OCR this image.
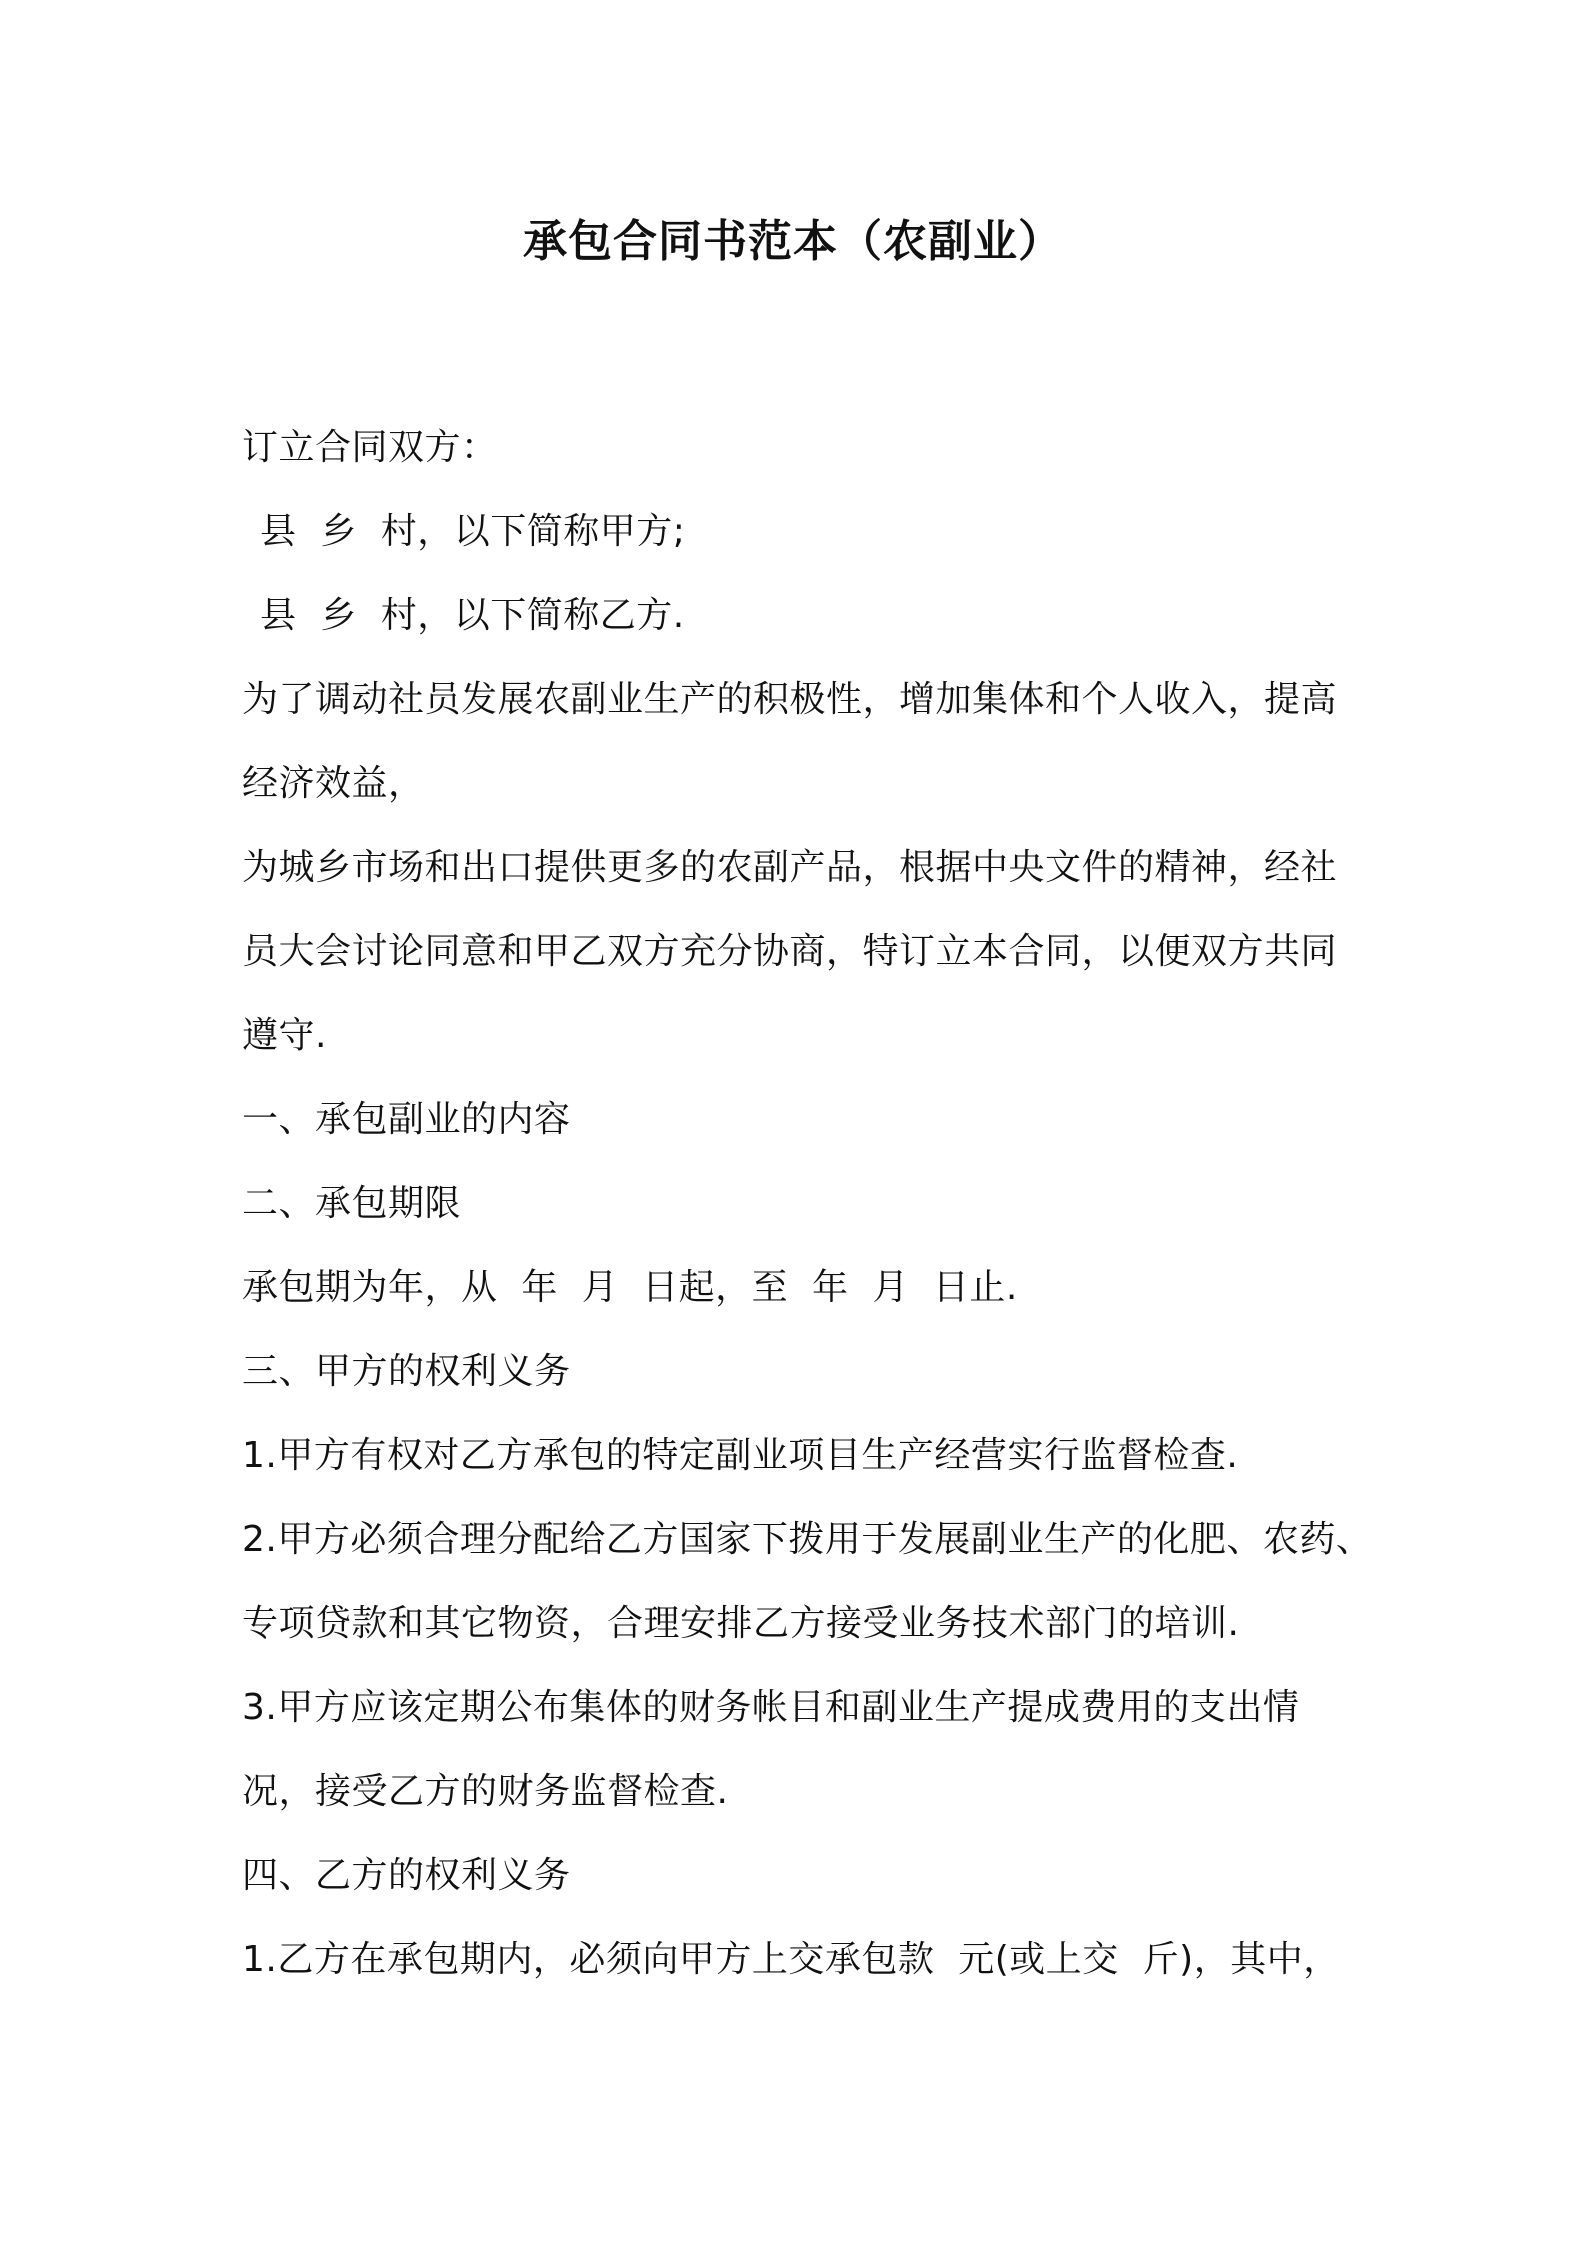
承包合同书范本（农副业）
订立合同双方：
县  乡  村，以下简称甲方;
县  乡  村，以下简称乙方.
为了调动社员发展农副业生产的积极性，增加集体和个人收入，提高
经济效益，
为城乡市场和出口提供更多的农副产品，根据中央文件的精神，经社
员大会讨论同意和甲乙双方充分协商，特订立本合同，以便双方共同
遵守.
一、承包副业的内容
二、承包期限
承包期为年，从  年  月  日起，至  年  月  日止.
三、甲方的权利义务
1.甲方有权对乙方承包的特定副业项目生产经营实行监督检查.
2.甲方必须合理分配给乙方国家下拨用于发展副业生产的化肥、农药、
专项贷款和其它物资，合理安排乙方接受业务技术部门的培训.
3.甲方应该定期公布集体的财务帐目和副业生产提成费用的支出情
况，接受乙方的财务监督检查.
四、乙方的权利义务
1.乙方在承包期内，必须向甲方上交承包款  元(或上交  斤)，其中，
